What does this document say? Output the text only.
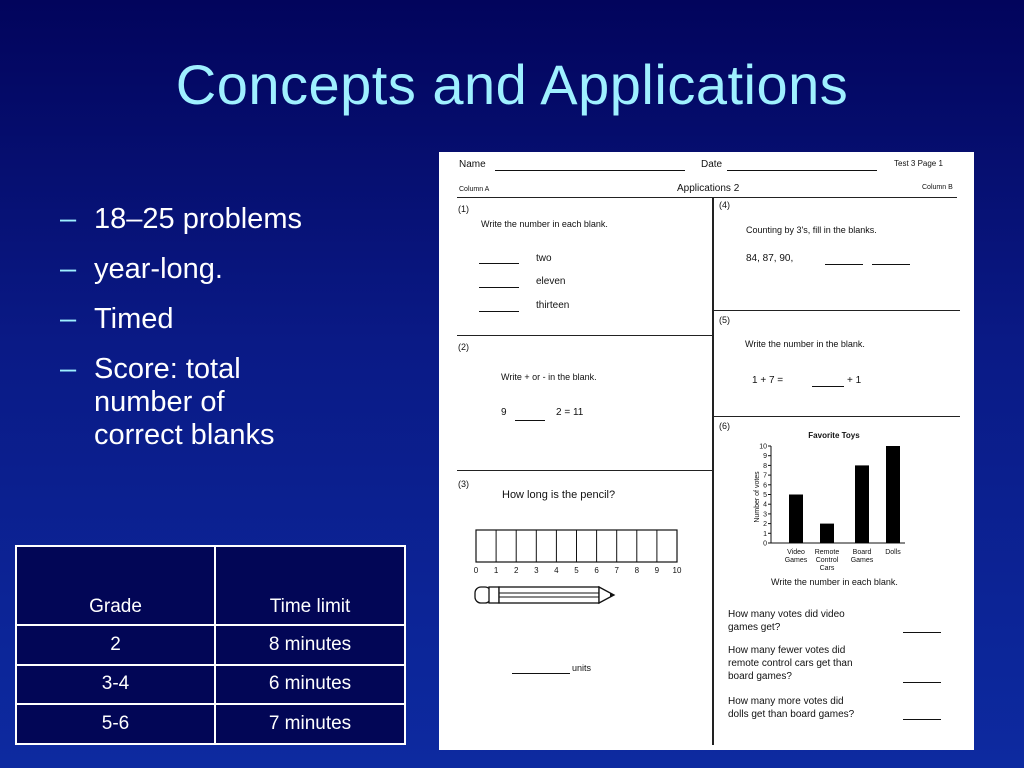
Concepts and Applications
– 18–25 problems
– year-long.
– Timed
– Score: total number of correct blanks
Grade	Time limit
2	8 minutes
3-4	6 minutes
5-6	7 minutes
Name	Date	Test 3 Page 1
Column A	Applications 2	Column B
(1)
Write the number in each blank.
two
eleven
thirteen
(2)
Write + or - in the blank.
9	2 = 11
(3)
How long is the pencil?
0 1 2 3 4 5 6 7 8 9 10
units
(4)
Counting by 3's, fill in the blanks.
84, 87, 90,
(5)
Write the number in the blank.
1 + 7 =	+ 1
(6)
Favorite Toys
Number of votes
0
1
2
3
4
5
6
7
8
9
10
Video
Games
Remote
Control
Cars
Board
Games
Dolls
Write the number in each blank.
How many votes did video
games get?
How many fewer votes did
remote control cars get than
board games?
How many more votes did
dolls get than board games?
